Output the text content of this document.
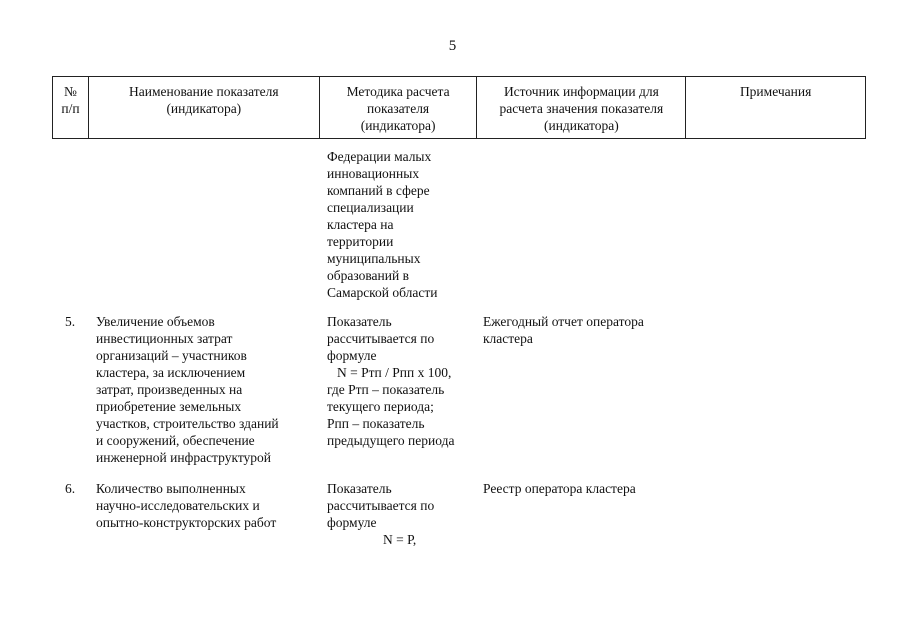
5
№
п/п
Наименование показателя
(индикатора)
Методика расчета
показателя
(индикатора)
Источник информации для
расчета значения показателя
(индикатора)
Примечания
Федерации малых
инновационных
компаний в сфере
специализации
кластера на
территории
муниципальных
образований в
Самарской области
5.	Увеличение объемов
инвестиционных затрат
организаций – участников
кластера, за исключением
затрат, произведенных на
приобретение земельных
участков, строительство зданий
и сооружений, обеспечение
инженерной инфраструктурой
Показатель
рассчитывается по
формуле
N = Ртп / Рпп х 100,
где Ртп – показатель
текущего периода;
Рпп – показатель
предыдущего периода
Ежегодный отчет оператора
кластера
6.	Количество выполненных
научно-исследовательских и
опытно-конструкторских работ
Показатель
рассчитывается по
формуле
N = Р,
Реестр оператора кластера
